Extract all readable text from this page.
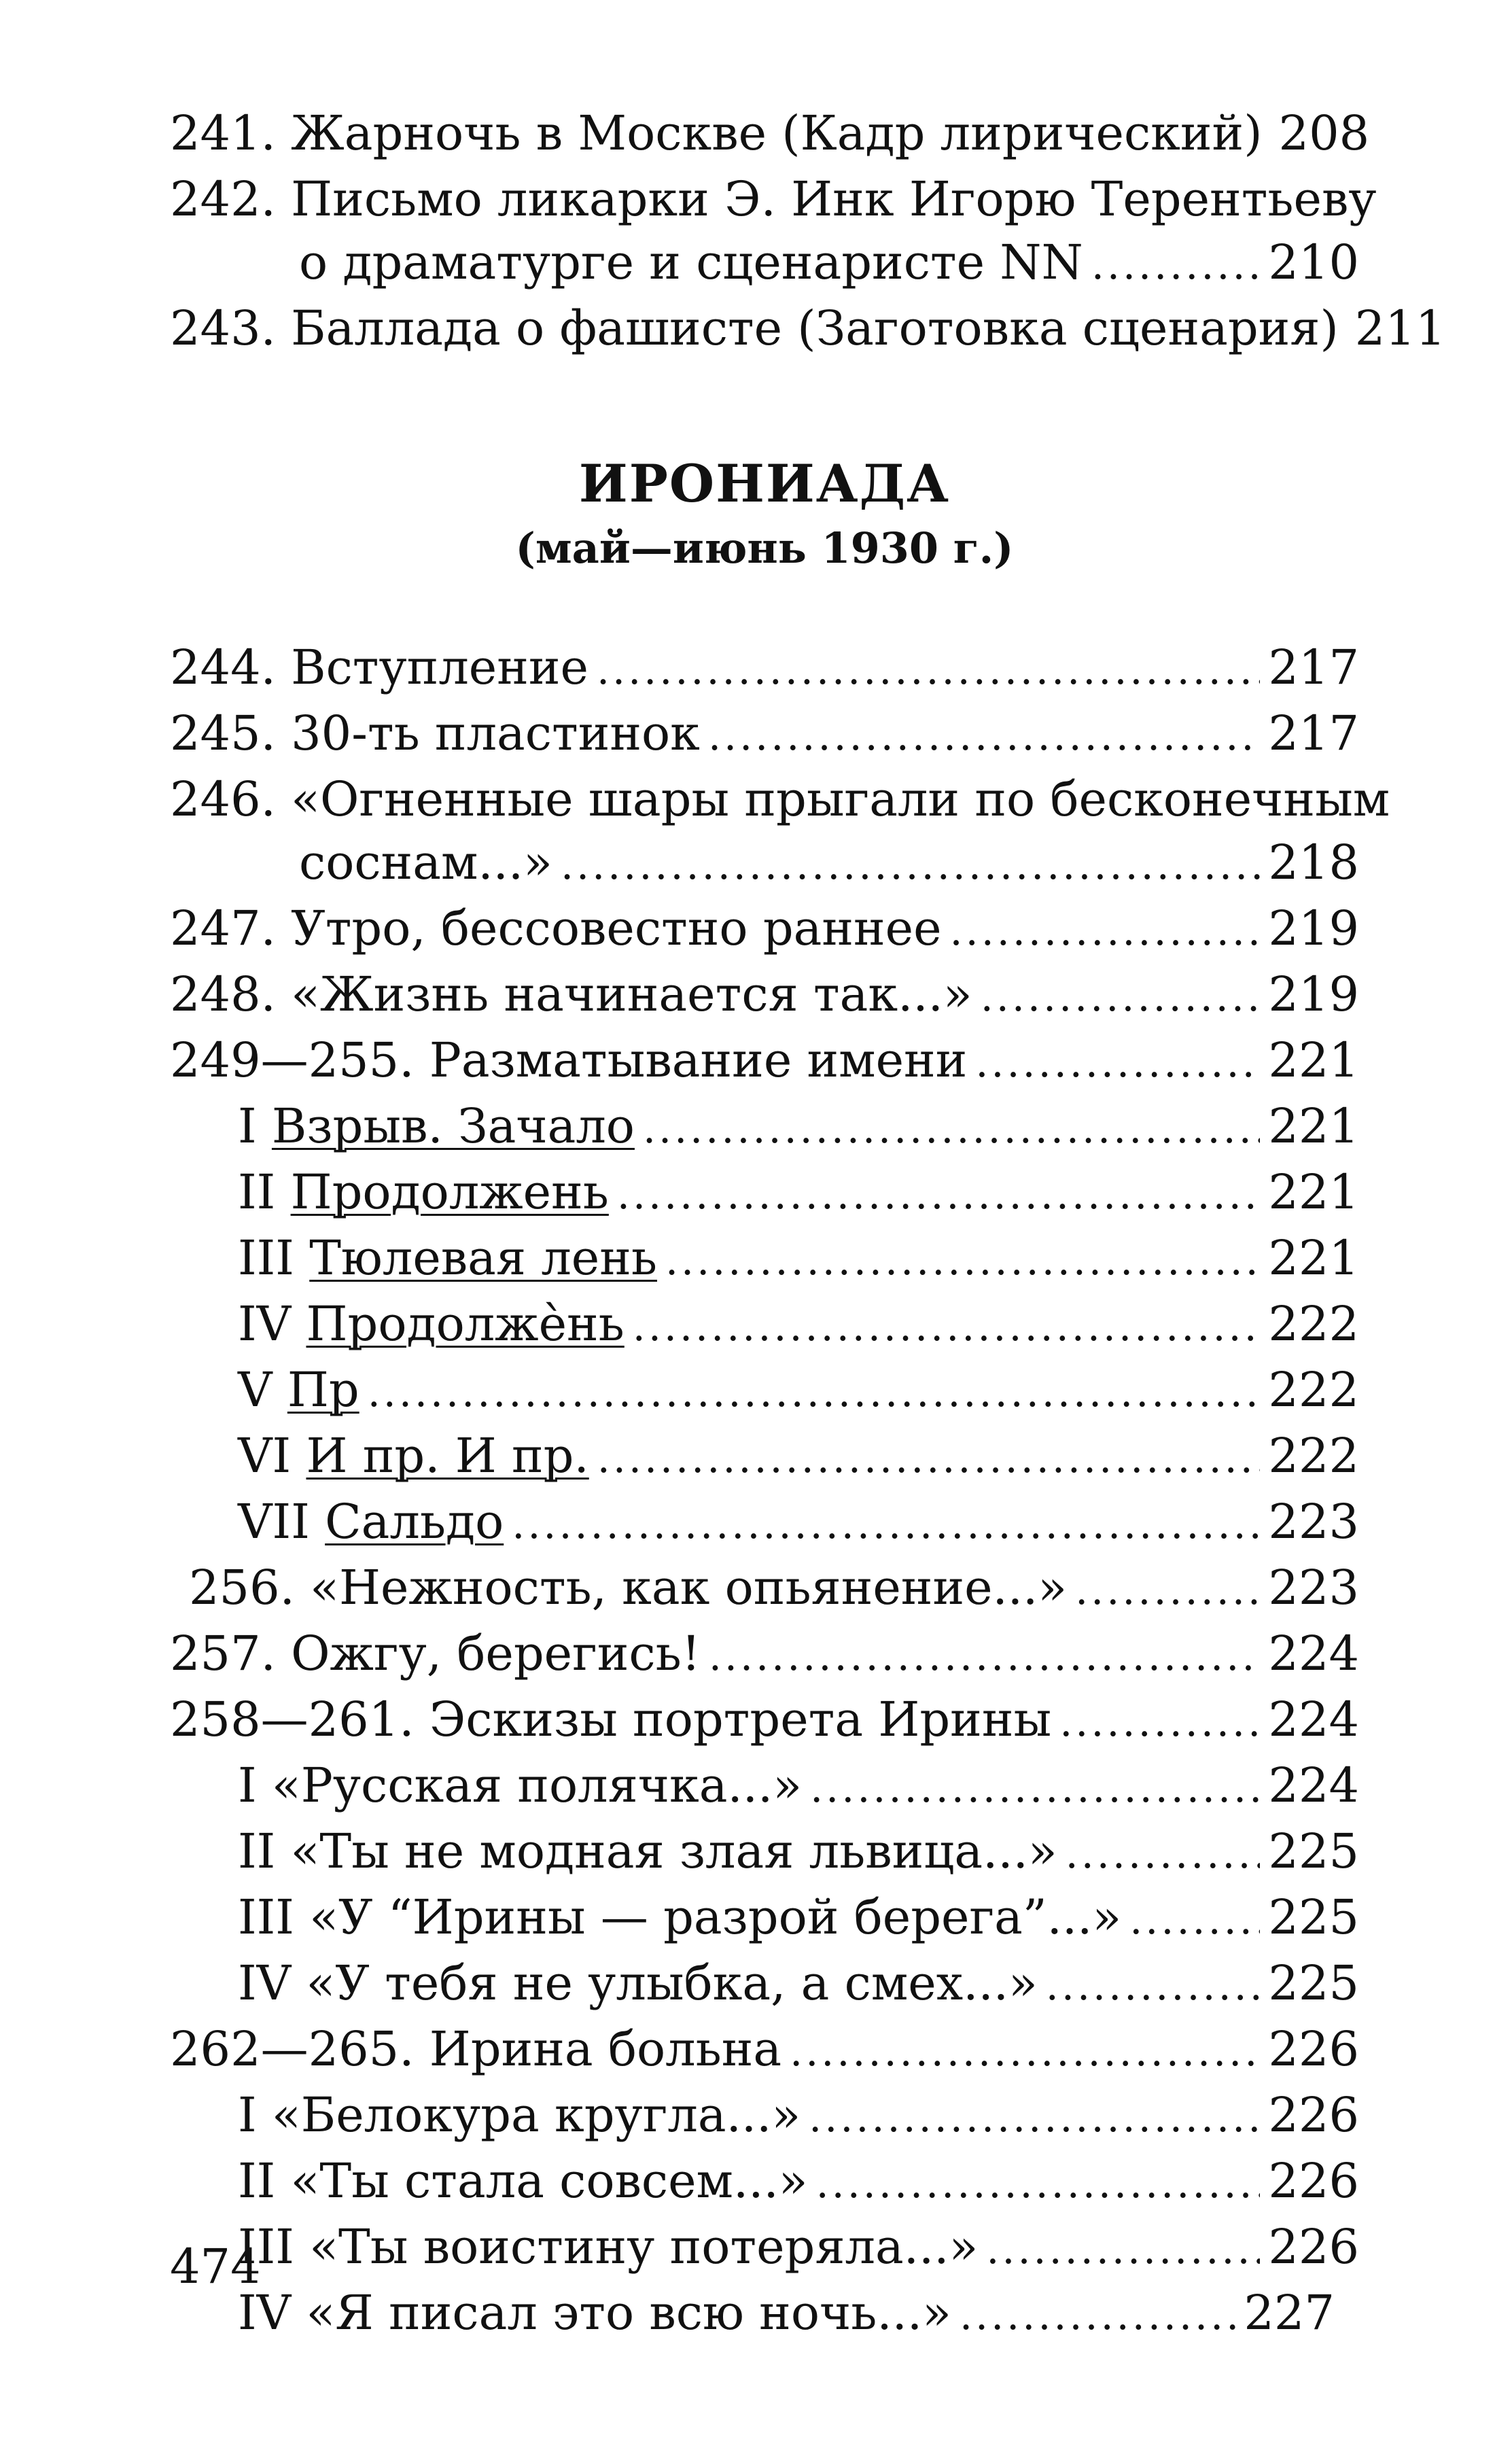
241. Жарночь в Москве (Кадр лирический) 208
242. Письмо ликарки Э. Инк Игорю Терентьеву
о драматурге и сценаристе NN .....	210
243. Баллада о фашисте (Заготовка сценария) 211
ИРОНИАДА
(май—июнь 1930 г.)
244. Вступление .....	217
245. 30-ть пластинок .....	217
246. «Огненные шары прыгали по бесконечным
соснам...» .....	218
247. Утро, бессовестно раннее .....	219
248. «Жизнь начинается так...» .....	219
249—255. Разматывание имени .....	221
I Взрыв. Зачало .....	221
II Продолжень .....	221
III Тюлевая лень .....	221
IV Продолжѐнь .....	222
V Пр .....	222
VI И пр. И пр. .....	222
VII Сальдо .....	223
256. «Нежность, как опьянение...» .....	223
257. Ожгу, берегись! .....	224
258—261. Эскизы портрета Ирины .....	224
I «Русская полячка...» .....	224
II «Ты не модная злая львица...» .....	225
III «У “Ирины — разрой берега”...» .....	225
IV «У тебя не улыбка, а смех...» .....	225
262—265. Ирина больна .....	226
I «Белокура кругла...» .....	226
II «Ты стала совсем...» .....	226
III «Ты воистину потеряла...» .....	226
IV «Я писал это всю ночь...» .....	227
474
